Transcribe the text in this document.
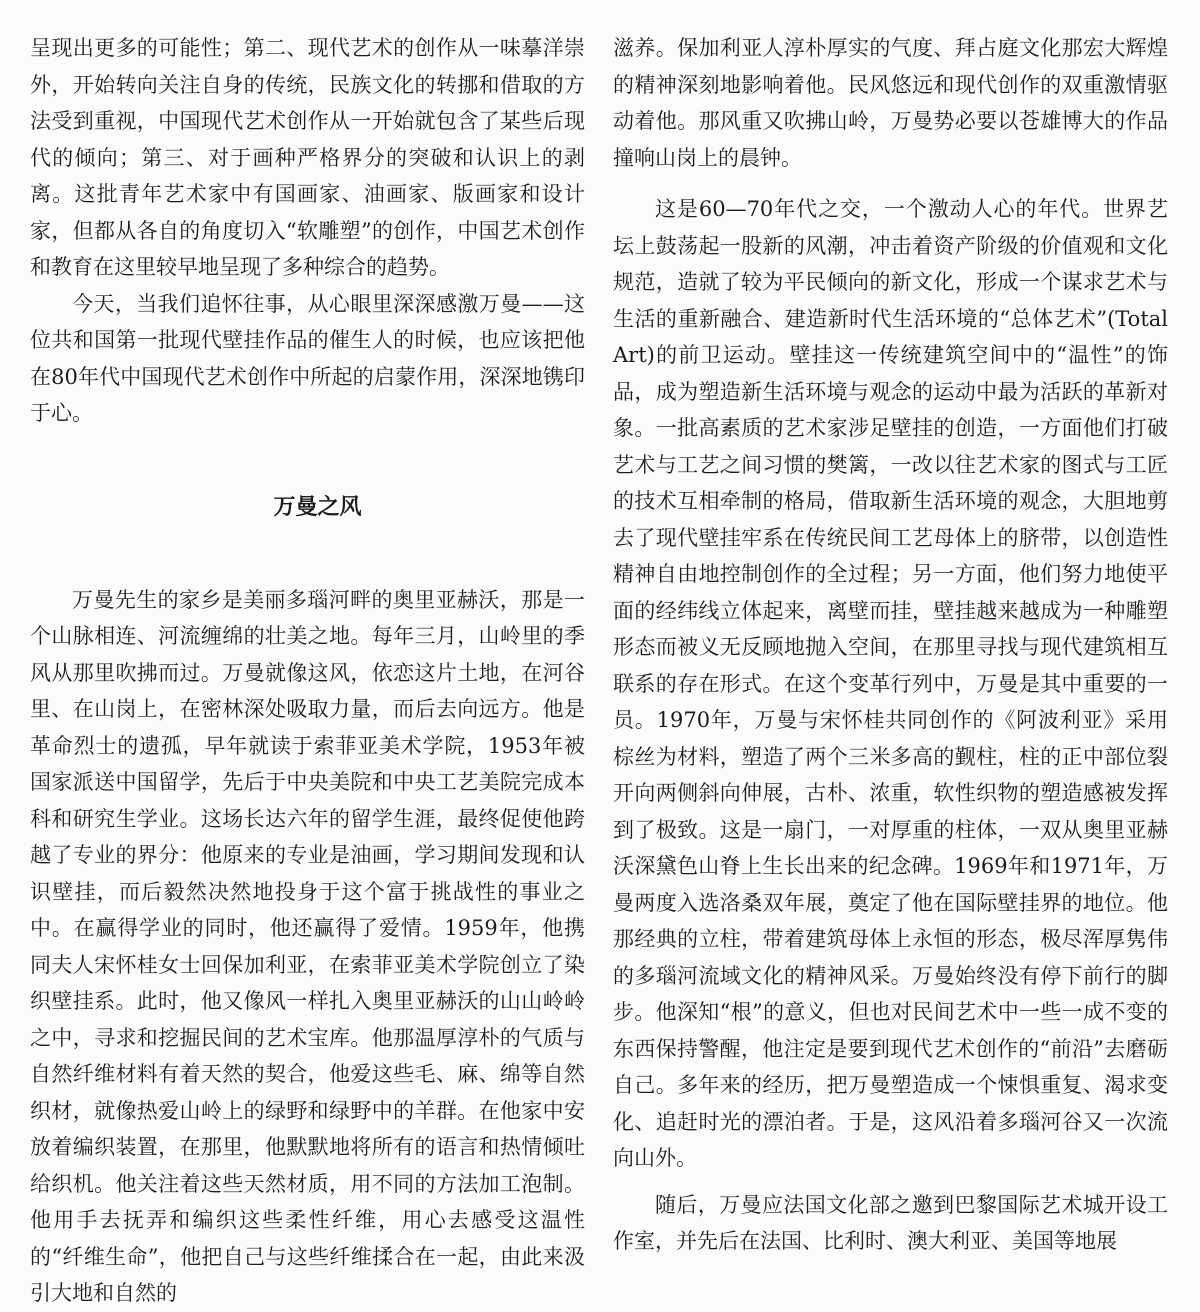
呈现出更多的可能性；第二、现代艺术的创作从一味摹洋崇外，开始转向关注自身的传统，民族文化的转挪和借取的方法受到重视，中国现代艺术创作从一开始就包含了某些后现代的倾向；第三、对于画种严格界分的突破和认识上的剥离。这批青年艺术家中有国画家、油画家、版画家和设计家，但都从各自的角度切入“软雕塑”的创作，中国艺术创作和教育在这里较早地呈现了多种综合的趋势。

今天，当我们追怀往事，从心眼里深深感激万曼——这位共和国第一批现代壁挂作品的催生人的时候，也应该把他在80年代中国现代艺术创作中所起的启蒙作用，深深地镌印于心。

万曼之风

万曼先生的家乡是美丽多瑙河畔的奥里亚赫沃，那是一个山脉相连、河流缠绵的壮美之地。每年三月，山岭里的季风从那里吹拂而过。万曼就像这风，依恋这片土地，在河谷里、在山岗上，在密林深处吸取力量，而后去向远方。他是革命烈士的遗孤，早年就读于索菲亚美术学院，1953年被国家派送中国留学，先后于中央美院和中央工艺美院完成本科和研究生学业。这场长达六年的留学生涯，最终促使他跨越了专业的界分：他原来的专业是油画，学习期间发现和认识壁挂，而后毅然决然地投身于这个富于挑战性的事业之中。在赢得学业的同时，他还赢得了爱情。1959年，他携同夫人宋怀桂女士回保加利亚，在索菲亚美术学院创立了染织壁挂系。此时，他又像风一样扎入奥里亚赫沃的山山岭岭之中，寻求和挖掘民间的艺术宝库。他那温厚淳朴的气质与自然纤维材料有着天然的契合，他爱这些毛、麻、绵等自然织材，就像热爱山岭上的绿野和绿野中的羊群。在他家中安放着编织装置，在那里，他默默地将所有的语言和热情倾吐给织机。他关注着这些天然材质，用不同的方法加工泡制。他用手去抚弄和编织这些柔性纤维，用心去感受这温性的“纤维生命”，他把自己与这些纤维揉合在一起，由此来汲引大地和自然的

滋养。保加利亚人淳朴厚实的气度、拜占庭文化那宏大辉煌的精神深刻地影响着他。民风悠远和现代创作的双重激情驱动着他。那风重又吹拂山岭，万曼势必要以苍雄博大的作品撞响山岗上的晨钟。

这是60—70年代之交，一个激动人心的年代。世界艺坛上鼓荡起一股新的风潮，冲击着资产阶级的价值观和文化规范，造就了较为平民倾向的新文化，形成一个谋求艺术与生活的重新融合、建造新时代生活环境的“总体艺术”(Total Art)的前卫运动。壁挂这一传统建筑空间中的“温性”的饰品，成为塑造新生活环境与观念的运动中最为活跃的革新对象。一批高素质的艺术家涉足壁挂的创造，一方面他们打破艺术与工艺之间习惯的樊篱，一改以往艺术家的图式与工匠的技术互相牵制的格局，借取新生活环境的观念，大胆地剪去了现代壁挂牢系在传统民间工艺母体上的脐带，以创造性精神自由地控制创作的全过程；另一方面，他们努力地使平面的经纬线立体起来，离壁而挂，壁挂越来越成为一种雕塑形态而被义无反顾地抛入空间，在那里寻找与现代建筑相互联系的存在形式。在这个变革行列中，万曼是其中重要的一员。1970年，万曼与宋怀桂共同创作的《阿波利亚》采用棕丝为材料，塑造了两个三米多高的觐柱，柱的正中部位裂开向两侧斜向伸展，古朴、浓重，软性织物的塑造感被发挥到了极致。这是一扇门，一对厚重的柱体，一双从奥里亚赫沃深黛色山脊上生长出来的纪念碑。1969年和1971年，万曼两度入选洛桑双年展，奠定了他在国际壁挂界的地位。他那经典的立柱，带着建筑母体上永恒的形态，极尽浑厚隽伟的多瑙河流域文化的精神风采。万曼始终没有停下前行的脚步。他深知“根”的意义，但也对民间艺术中一些一成不变的东西保持警醒，他注定是要到现代艺术创作的“前沿”去磨砺自己。多年来的经历，把万曼塑造成一个悚惧重复、渴求变化、追赶时光的漂泊者。于是，这风沿着多瑙河谷又一次流向山外。

随后，万曼应法国文化部之邀到巴黎国际艺术城开设工作室，并先后在法国、比利时、澳大利亚、美国等地展
